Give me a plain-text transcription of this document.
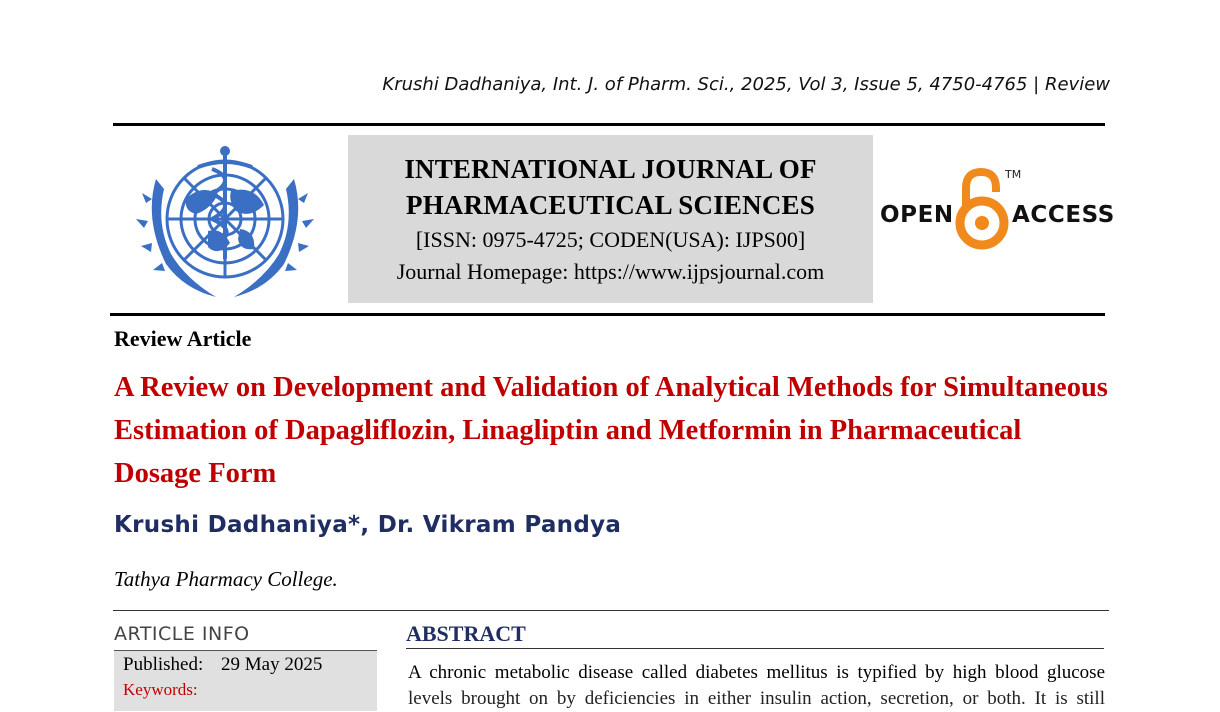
Krushi Dadhaniya, Int. J. of Pharm. Sci., 2025, Vol 3, Issue 5, 4750-4765 | Review
INTERNATIONAL JOURNAL OF
PHARMACEUTICAL SCIENCES
[ISSN: 0975-4725; CODEN(USA): IJPS00]
Journal Homepage: https://www.ijpsjournal.com
OPEN
TM
ACCESS
Review Article
A Review on Development and Validation of Analytical Methods for Simultaneous Estimation of Dapagliflozin, Linagliptin and Metformin in Pharmaceutical Dosage Form
Krushi Dadhaniya*, Dr. Vikram Pandya
Tathya Pharmacy College.
ARTICLE INFO
Published: 29 May 2025
Keywords:
ABSTRACT
A chronic metabolic disease called diabetes mellitus is typified by high blood glucose
levels brought on by deficiencies in either insulin action, secretion, or both. It is still
